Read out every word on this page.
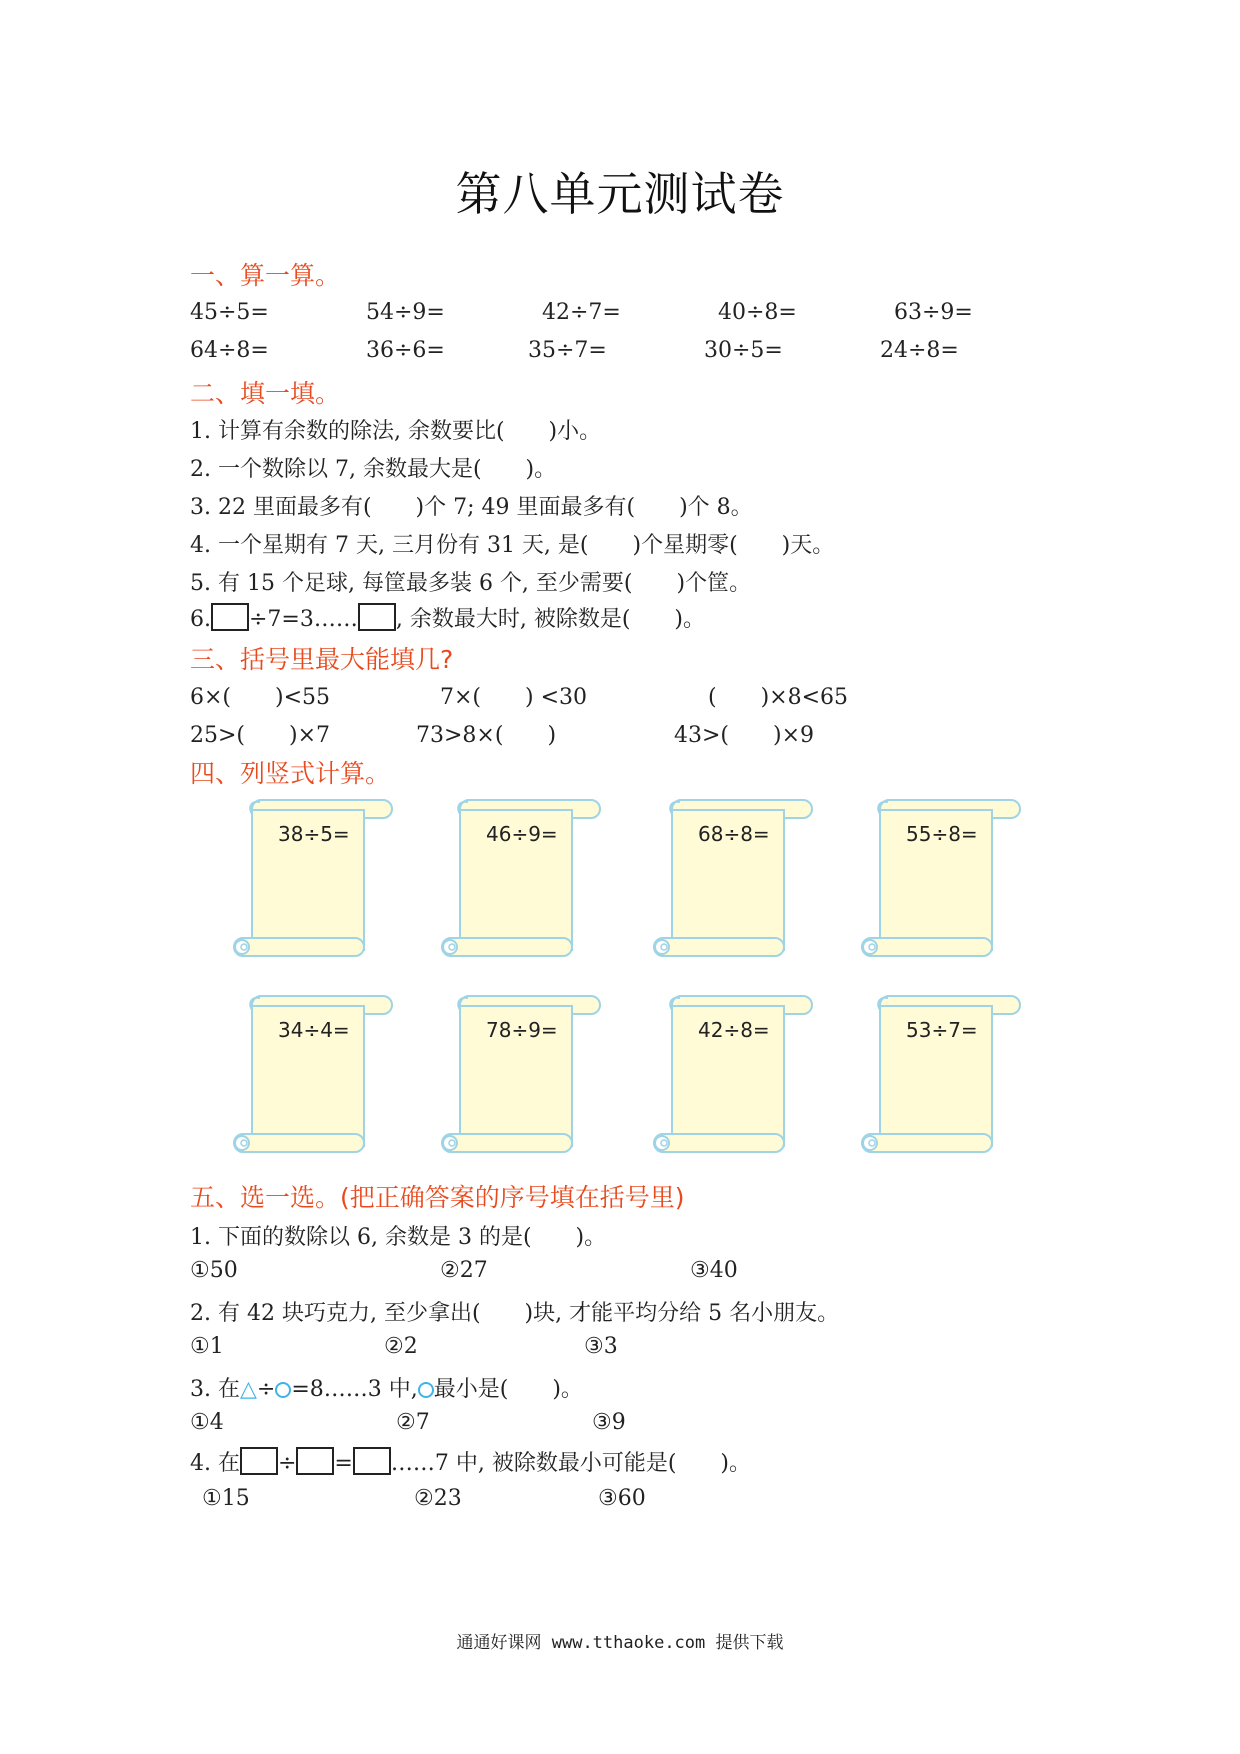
第八单元测试卷
一、算一算。
45÷5=	54÷9=	42÷7=	40÷8=	63÷9=
64÷8=	36÷6=	35÷7=	30÷5=	24÷8=
二、填一填。
1. 计算有余数的除法, 余数要比(　　)小。
2. 一个数除以 7, 余数最大是(　　)。
3. 22 里面最多有(　　)个 7; 49 里面最多有(　　)个 8。
4. 一个星期有 7 天, 三月份有 31 天, 是(　　)个星期零(　　)天。
5. 有 15 个足球, 每筐最多装 6 个, 至少需要(　　)个筐。
6. ÷7=3…… , 余数最大时, 被除数是(　　)。
三、括号里最大能填几?
6×(　　)<55	7×(　　) <30	(　　)×8<65
25>(　　)×7	73>8×(　　)	43>(　　)×9
四、列竖式计算。
38÷5=	46÷9=	68÷8=	55÷8=
34÷4=	78÷9=	42÷8=	53÷7=
五、选一选。(把正确答案的序号填在括号里)
1. 下面的数除以 6, 余数是 3 的是(　　)。
①50	②27	③40
2. 有 42 块巧克力, 至少拿出(　　)块, 才能平均分给 5 名小朋友。
①1	②2	③3
3. 在△÷ =8……3 中, 最小是(　　)。
①4	②7	③9
4. 在 ÷ = ……7 中, 被除数最小可能是(　　)。
①15	②23	③60
通通好课网 www.tthaoke.com 提供下载
